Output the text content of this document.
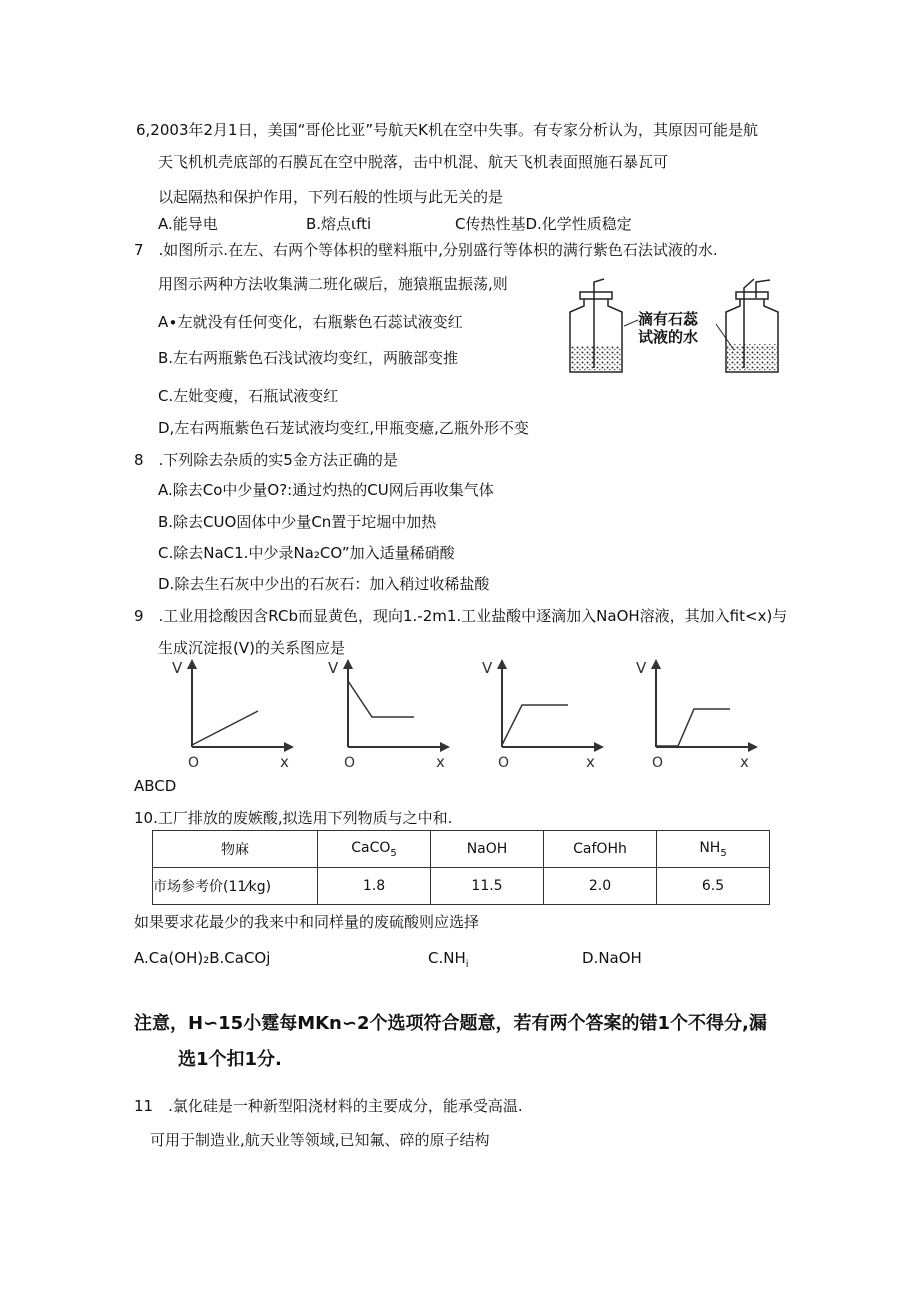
6,2003年2月1日，美国“哥伦比亚”号航天K机在空中失事。有专家分析认为，其原因可能是航
天飞机机壳底部的石膜瓦在空中脱落，击中机混、航天飞机表面照施石暴瓦可
以起隔热和保护作用，下列石般的性顷与此无关的是
A.能导电	B.熔点ιfti	C传热性基D.化学性质稳定
7　.如图所示.在左、右两个等体枳的壁料瓶中,分别盛行等体枳的满行紫色石法试液的水.
用图示两种方法收集满二班化碳后，施猿瓶盅振荡,则
A∙左就没有任何变化，右瓶紫色石蕊试液变红
B.左右两瓶紫色石浅试液均变红，两腋部变推
C.左妣变瘦，石瓶试液变红
D,左右两瓶紫色石茏试液均变红,甲瓶变癔,乙瓶外形不变
滴有石蕊
试液的水
8　.下列除去杂质的实5金方法正确的是
A.除去Co中少量O?:通过灼热的CU网后再收集气体
B.除去CUO固体中少量Cn置于坨堀中加热
C.除去NaC1.中少录Na₂CO”加入适量稀硝酸
D.除去生石灰中少出的石灰石：加入稍过收稀盐酸
9　.工业用捻酸因含RCb而显黄色，现向1.-2m1.工业盐酸中逐滴加入NaOH溶液，其加入fit<x)与
生成沉淀报(V)的关系图应是
V
O	x
V
O	x
V
O	x
V
O	x
ABCD
10.工厂排放的废嫉酸,拟选用下列物质与之中和.
物麻	CaCO$_5$	NaOH	CafOHh	$NH_5$
市场参考价(11⁄kg)	1.8	11.5	2.0	6.5
如果要求花最少的我来中和同样量的废硫酸则应选择
A.Ca(OH)₂B.CaCOj	$C.NH_i$	D.NaOH
注意，H∽15小霆每MKn∽2个选项符合题意，若有两个答案的错1个不得分,漏
选1个扣1分.
11　.氯化硅是一种新型阳浇材料的主要成分，能承受高温.
可用于制造业,航天业等领域,已知氟、碎的原子结构
